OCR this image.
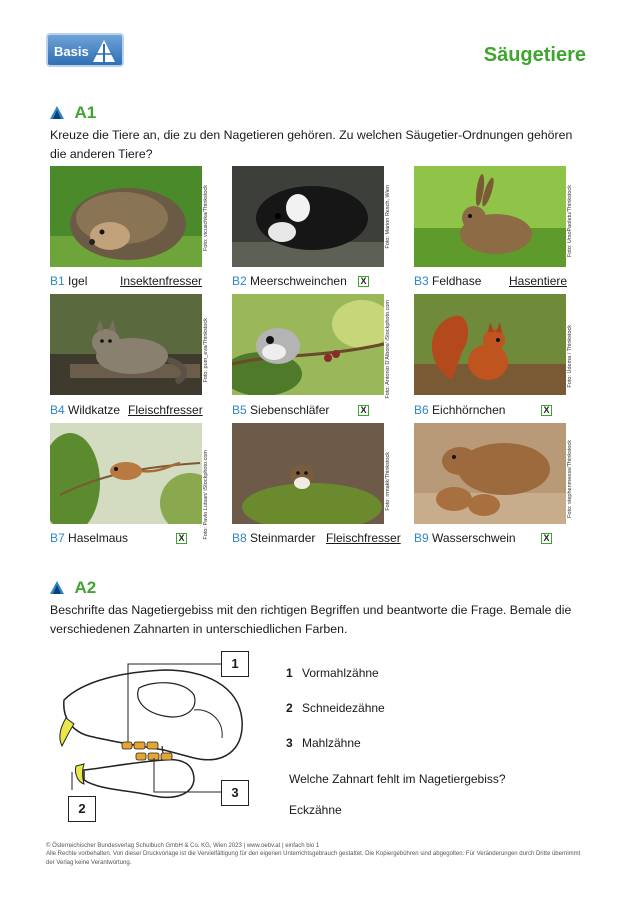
Basis	Säugetiere
A1
Kreuze die Tiere an, die zu den Nagetieren gehören. Zu welchen Säugetier-Ordnungen gehören die anderen Tiere?
Foto: vicuschka/Thinkstock	Foto: Marion Resch, Wien	Foto: UrsoPaoletu/Thinkstock
B1 Igel	Insektenfresser B2 Meerschweinchen X	B3 Feldhase Hasentiere
Foto: pum_eva/Thinkstock	Foto: Antonio D'Albore/ iStockphoto.com	Foto: Udema / Thinkstock
B4 Wildkatze Fleischfresser B5 Siebenschläfer	X	B6 Eichhörnchen	X
Foto: Pavlo Lutsan/ iStockphoto.com	Foto: rrmakk/Thinkstock	Foto: stephenmeese/Thinkstock
B7 Haselmaus	X	B8 Steinmarder Fleischfresser B9 Wasserschwein	X
A2
Beschrifte das Nagetiergebiss mit den richtigen Begriffen und beantworte die Frage. Bemale die verschiedenen Zahnarten in unterschiedlichen Farben.
1
2
3
1 Vormahlzähne
2 Schneidezähne
3 Mahlzähne
Welche Zahnart fehlt im Nagetiergebiss?
Eckzähne
© Österreichischer Bundesverlag Schulbuch GmbH & Co. KG, Wien 2023 | www.oebv.at | einfach bio 1
Alle Rechte vorbehalten. Von dieser Druckvorlage ist die Vervielfältigung für den eigenen Unterrichtsgebrauch gestattet. Die Kopiergebühren sind abgegolten. Für Veränderungen durch Dritte übernimmt der Verlag keine Verantwortung.
